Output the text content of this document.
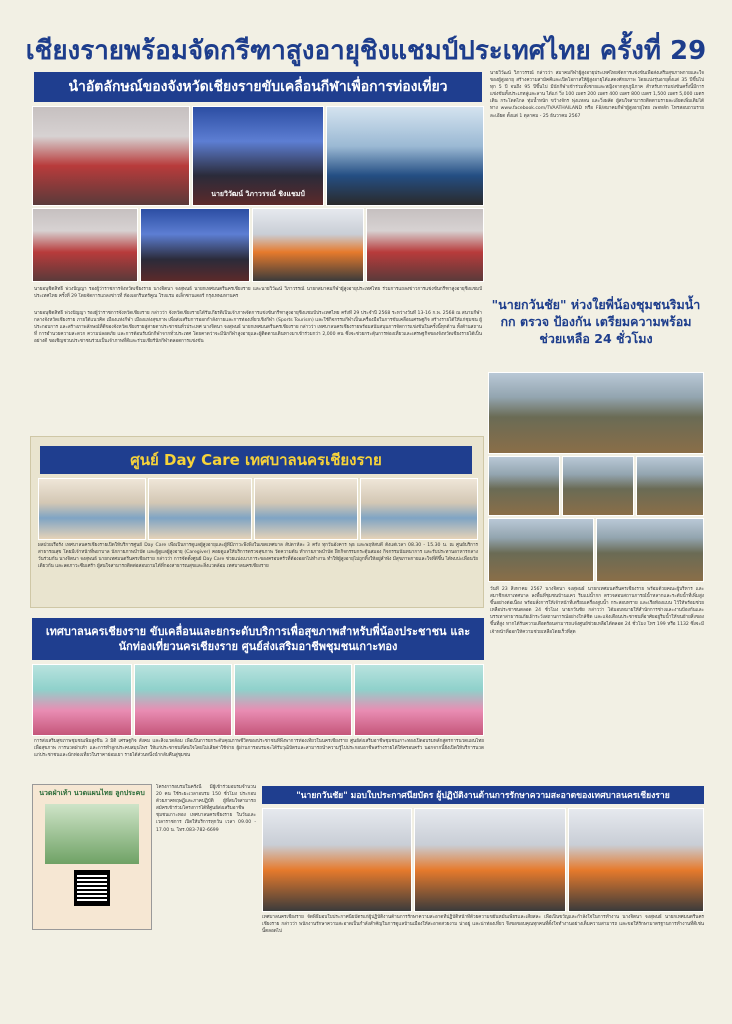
เชียงรายพร้อมจัดกรีฑาสูงอายุชิงแชมป์ประเทศไทย ครั้งที่ 29
นำอัตลักษณ์ของจังหวัดเชียงรายขับเคลื่อนกีฬาเพื่อการท่องเที่ยว
นายวิวัฒน์ วิภาวรรณ์ ชิงแชมป์
นายอนุชิตสิทธิ์ พ่วงปัญญา รองผู้ว่าราชการจังหวัดเชียงราย นางจิตนา จงสุพนธ์ นายกเทศมนตรีนครเชียงราย และนายวิวัฒน์ วิภาวรรณ์ นายกสมาคมกีฬาผู้สูงอายุประเทศไทย ร่วมการแถลงข่าวการแข่งขันกรีฑาสูงอายุชิงแชมป์ประเทศไทย ครั้งที่ 29 โดยจัดการแถลงข่าวที่ ห้องเอกรินทร์คูณ โรงแรม อเล็กซานเดอร์ กรุงเทพมหานคร
นายอนุชิตสิทธิ์ พ่วงปัญญา รองผู้ว่าราชการจังหวัดเชียงราย กล่าวว่า จังหวัดเชียงรายได้รับเกียรติเป็นเจ้าภาพจัดการแข่งขันกรีฑาสูงอายุชิงแชมป์ประเทศไทย ครั้งที่ 29 ประจำปี 2568 ระหว่างวันที่ 13-16 ก.พ. 2568 ณ สนามกีฬากลางจังหวัดเชียงราย ภายใต้แนวคิด เมืองแห่งกีฬา เมืองแห่งสุขภาพ เพื่อส่งเสริมการออกกำลังกายและการท่องเที่ยวเชิงกีฬา (Sports Tourism) และใช้กิจกรรมกีฬาเป็นเครื่องมือในการขับเคลื่อนเศรษฐกิจ สร้างรายได้ให้แก่ชุมชน ผู้ประกอบการ และสร้างภาพลักษณ์ที่ดีของจังหวัดเชียงรายสู่สายตาประชาชนทั่วประเทศ นางจิตนา จงสุพนธ์ นายกเทศมนตรีนครเชียงราย กล่าวว่า เทศบาลนครเชียงรายพร้อมสนับสนุนการจัดการแข่งขันในครั้งนี้ทุกด้าน ทั้งด้านสถานที่ การอำนวยความสะดวก ความปลอดภัย และการต้อนรับนักกีฬาจากทั่วประเทศ โดยคาดว่าจะมีนักกีฬาสูงอายุและผู้ติดตามเดินทางมาเข้าร่วมกว่า 2,000 คน ซึ่งจะช่วยกระตุ้นการท่องเที่ยวและเศรษฐกิจของจังหวัดเชียงรายได้เป็นอย่างดี ขอเชิญชวนประชาชนร่วมเป็นเจ้าภาพที่ดีและร่วมเชียร์นักกีฬาตลอดการแข่งขัน
นายวิวัฒน์ วิภาวรรณ์ กล่าวว่า สมาคมกีฬาผู้สูงอายุประเทศไทยจัดการแข่งขันเพื่อส่งเสริมสุขภาพกายและใจของผู้สูงอายุ สร้างความสามัคคีและเปิดโอกาสให้ผู้สูงอายุได้แสดงศักยภาพ โดยแบ่งรุ่นอายุตั้งแต่ 35 ปีขึ้นไปทุก 5 ปี จนถึง 95 ปีขึ้นไป มีนักกีฬาเข้าร่วมทั้งชายและหญิงจากทุกภูมิภาค สำหรับการแข่งขันครั้งนี้มีการแข่งขันทั้งประเภทลู่และลาน ได้แก่ วิ่ง 100 เมตร 200 เมตร 400 เมตร 800 เมตร 1,500 เมตร 5,000 เมตร เดิน กระโดดไกล ทุ่มน้ำหนัก ขว้างจักร พุ่งแหลน และวิ่งผลัด ผู้สนใจสามารถติดตามรายละเอียดเพิ่มเติมได้ทาง www.facebook.com/TVAATHAILAND หรือ FB/สมาคมกีฬาผู้สูงอายุไทย เพจหลัก โทรสอบถามรายละเอียด ตั้งแต่ 1 ตุลาคม - 25 ธันวาคม 2567
ศูนย์ Day Care เทศบาลนครเชียงราย
ผลป่วยเรื้อรัง เทศบาลนครเชียงรายเปิดให้บริการศูนย์ Day Care เพื่อเป็นการดูแลผู้สูงอายุและผู้ที่มีภาวะพึ่งพิงในเขตเทศบาล สัปดาห์ละ 3 ครั้ง ทุกวันอังคาร พุธ และพฤหัสบดี ตั้งแต่เวลา 08.30 - 15.30 น. ณ ศูนย์บริการสาธารณสุข โดยมีเจ้าหน้าที่พยาบาล นักกายภาพบำบัด และผู้ดูแลผู้สูงอายุ (Caregiver) คอยดูแลให้บริการตรวจสุขภาพ วัดความดัน ทำกายภาพบำบัด ฝึกกิจกรรมกระตุ้นสมอง กิจกรรมนันทนาการ และรับประทานอาหารกลางวันร่วมกัน นางจิตนา จงสุพนธ์ นายกเทศมนตรีนครเชียงราย กล่าวว่า การจัดตั้งศูนย์ Day Care ช่วยแบ่งเบาภาระของครอบครัวที่ต้องออกไปทำงาน ทำให้ผู้สูงอายุไม่ถูกทิ้งให้อยู่ลำพัง มีสุขภาพกายและใจที่ดีขึ้น ได้พบปะเพื่อนวัยเดียวกัน และลดภาวะซึมเศร้า ผู้สนใจสามารถติดต่อสอบถามได้ที่กองสาธารณสุขและสิ่งแวดล้อม เทศบาลนครเชียงราย
เทศบาลนครเชียงราย ขับเคลื่อนและยกระดับบริการเพื่อสุขภาพสำหรับพี่น้องประชาชน และนักท่องเที่ยวนครเชียงราย ศูนย์ส่งเสริมอาชีพชุมชนเกาะทอง
การส่งเสริมสุขภาพชุมชนเพิ่มสูงขึ้น 3 มิติ เศรษฐกิจ สังคม และสิ่งแวดล้อม เพื่อเป็นการยกระดับคุณภาพชีวิตของประชาชนที่พึ่งพาการท่องเที่ยวในนครเชียงราย ศูนย์ส่งเสริมอาชีพชุมชนเกาะทองเปิดอบรมหลักสูตรการนวดแผนไทยเพื่อสุขภาพ การนวดฝ่าเท้า และการทำลูกประคบสมุนไพร ให้แก่ประชาชนที่สนใจโดยไม่เสียค่าใช้จ่าย ผู้ผ่านการอบรมจะได้รับวุฒิบัตรและสามารถนำความรู้ไปประกอบอาชีพสร้างรายได้ให้ครอบครัว นอกจากนี้ยังเปิดให้บริการนวดแก่ประชาชนและนักท่องเที่ยวในราคาย่อมเยา รายได้ส่วนหนึ่งนำกลับคืนสู่ชุมชน
นวดฝ่าเท้า นวดแผนไทย ลูกประคบ
โครงการอบรมในครั้งนี้ มีผู้เข้าร่วมอบรมจำนวน 20 คน ใช้ระยะเวลาอบรม 150 ชั่วโมง ประกอบด้วยภาคทฤษฎีและภาคปฏิบัติ ผู้ที่สนใจสามารถสมัครเข้าร่วมโครงการได้ที่ศูนย์ส่งเสริมอาชีพชุมชนเกาะทอง เทศบาลนครเชียงราย ในวันและเวลาราชการ เปิดให้บริการทุกวัน เวลา 09.00 - 17.00 น. โทร.083-782-6699
"นายกวันชัย" ห่วงใยพี่น้องชุมชนริมน้ำกก ตรวจ ป้องกัน เตรียมความพร้อม ช่วยเหลือ 24 ชั่วโมง
วันที่ 23 สิงหาคม 2567 นางจิตนา จงสุพนธ์ นายกเทศมนตรีนครเชียงราย พร้อมด้วยคณะผู้บริหาร และสมาชิกสภาเทศบาล ลงพื้นที่ชุมชนบ้านแคว ริมแม่น้ำกก ตรวจสอบสถานการณ์น้ำหลากและระดับน้ำที่เพิ่มสูงขึ้นอย่างต่อเนื่อง พร้อมสั่งการให้เจ้าหน้าที่เตรียมเครื่องสูบน้ำ กระสอบทราย และเรือท้องแบน ไว้ให้พร้อมช่วยเหลือประชาชนตลอด 24 ชั่วโมง นายกวันชัย กล่าวว่า ได้มอบหมายให้สำนักการช่างและงานป้องกันและบรรเทาสาธารณภัยเฝ้าระวังสถานการณ์อย่างใกล้ชิด และแจ้งเตือนประชาชนที่อาศัยอยู่ริมน้ำให้ขนย้ายสิ่งของขึ้นที่สูง หากได้รับความเดือดร้อนสามารถแจ้งศูนย์ช่วยเหลือได้ตลอด 24 ชั่วโมง โทร 199 หรือ 1132 ซึ่งจะมีเจ้าหน้าที่ออกให้ความช่วยเหลือโดยเร็วที่สุด
"นายกวันชัย" มอบใบประกาศนียบัตร ผู้ปฏิบัติงานด้านการรักษาความสะอาดของเทศบาลนครเชียงราย
เทศบาลนครเชียงราย จัดพิธีมอบใบประกาศนียบัตรแก่ผู้ปฏิบัติงานด้านการรักษาความสะอาดที่ปฏิบัติหน้าที่ด้วยความขยันหมั่นเพียรและเสียสละ เพื่อเป็นขวัญและกำลังใจในการทำงาน นางจิตนา จงสุพนธ์ นายกเทศมนตรีนครเชียงราย กล่าวว่า พนักงานรักษาความสะอาดเป็นกำลังสำคัญในการดูแลบ้านเมืองให้สะอาดสวยงาม น่าอยู่ และน่าท่องเที่ยว จึงขอขอบคุณทุกคนที่ตั้งใจทำงานอย่างเต็มความสามารถ และขอให้รักษามาตรฐานการทำงานที่ดีเช่นนี้ตลอดไป
